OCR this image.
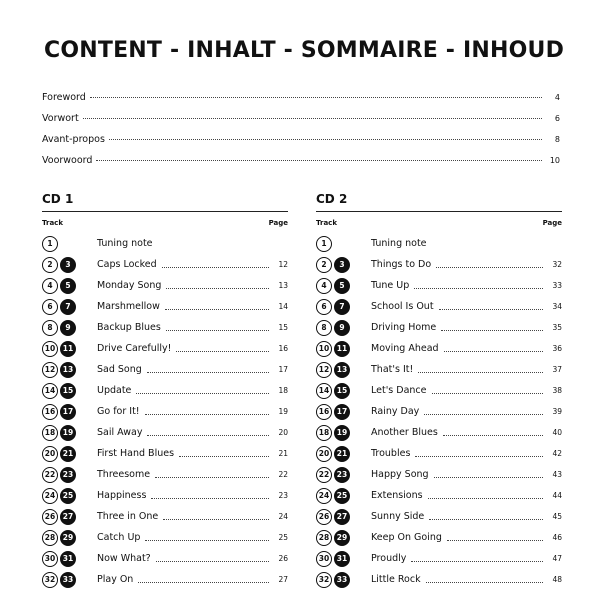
CONTENT - INHALT - SOMMAIRE - INHOUD
Foreword	4
Vorwort	6
Avant-propos	8
Voorwoord	10
CD 1
Track	Page
1	Tuning note
2	3	Caps Locked	12
4	5	Monday Song	13
6	7	Marshmellow	14
8	9	Backup Blues	15
10	11	Drive Carefully!	16
12	13	Sad Song	17
14	15	Update	18
16	17	Go for It!	19
18	19	Sail Away	20
20	21	First Hand Blues	21
22	23	Threesome	22
24	25	Happiness	23
26	27	Three in One	24
28	29	Catch Up	25
30	31	Now What?	26
32	33	Play On	27
CD 2
Track	Page
1	Tuning note
2	3	Things to Do	32
4	5	Tune Up	33
6	7	School Is Out	34
8	9	Driving Home	35
10	11	Moving Ahead	36
12	13	That's It!	37
14	15	Let's Dance	38
16	17	Rainy Day	39
18	19	Another Blues	40
20	21	Troubles	42
22	23	Happy Song	43
24	25	Extensions	44
26	27	Sunny Side	45
28	29	Keep On Going	46
30	31	Proudly	47
32	33	Little Rock	48
